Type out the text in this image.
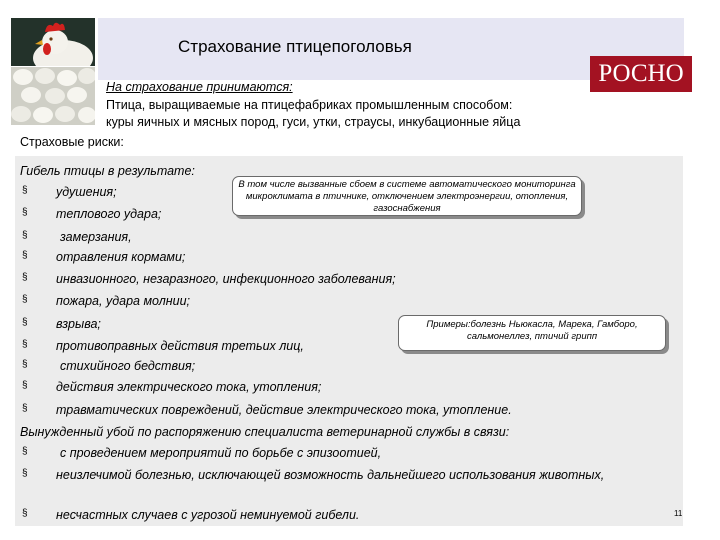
Страхование птицепоголовья
РОСНО
На страхование принимаются:
Птица, выращиваемые на птицефабриках промышленным способом:
куры яичных и мясных пород, гуси, утки, страусы, инкубационные яйца
Страховые риски:
Гибель птицы в результате:
§ удушения;
§ теплового удара;
§	замерзания,
§ отравления кормами;
§ инвазионного, незаразного, инфекционного заболевания;
§ пожара, удара молнии;
§ взрыва;
§ противоправных действия третьих лиц,
§	стихийного бедствия;
§ действия электрического тока, утопления;
§ травматических повреждений, действие электрического тока, утопление.
Вынужденный убой по распоряжению специалиста ветеринарной службы в связи:
§	с проведением мероприятий по борьбе с эпизоотией,
§ неизлечимой болезнью, исключающей возможность дальнейшего использования животных,
§ несчастных случаев с угрозой неминуемой гибели.
В том числе вызванные сбоем в системе автоматического мониторинга микроклимата в птичнике, отключением электроэнергии, отопления, газоснабжения
Примеры:болезнь Ньюкасла, Марека, Гамборо, сальмонеллез, птичий грипп
11
